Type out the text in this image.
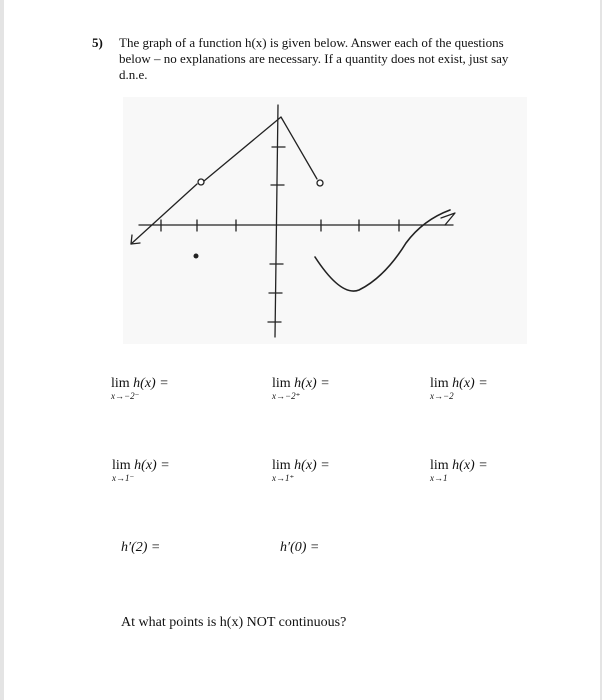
5) The graph of a function h(x) is given below. Answer each of the questions below – no explanations are necessary. If a quantity does not exist, just say d.n.e.
lim h(x) =
x→−2⁻
lim h(x) =
x→−2⁺
lim h(x) =
x→−2
lim h(x) =
x→1⁻
lim h(x) =
x→1⁺
lim h(x) =
x→1
h′(2) =	h′(0) =
At what points is h(x) NOT continuous?
